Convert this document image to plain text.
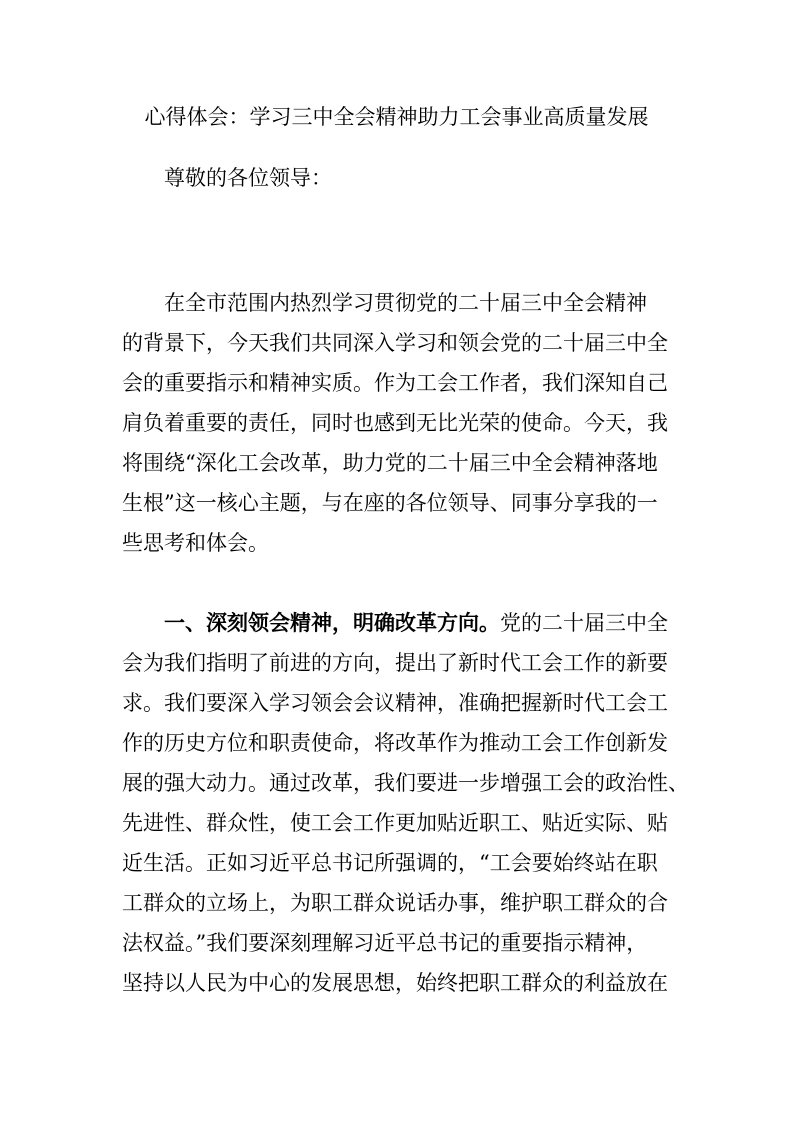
心得体会：学习三中全会精神助力工会事业高质量发展
尊敬的各位领导：
在全市范围内热烈学习贯彻党的二十届三中全会精神
的背景下，今天我们共同深入学习和领会党的二十届三中全
会的重要指示和精神实质。作为工会工作者，我们深知自己
肩负着重要的责任，同时也感到无比光荣的使命。今天，我
将围绕“深化工会改革，助力党的二十届三中全会精神落地
生根”这一核心主题，与在座的各位领导、同事分享我的一
些思考和体会。
一、深刻领会精神，明确改革方向。党的二十届三中全
会为我们指明了前进的方向，提出了新时代工会工作的新要
求。我们要深入学习领会会议精神，准确把握新时代工会工
作的历史方位和职责使命，将改革作为推动工会工作创新发
展的强大动力。通过改革，我们要进一步增强工会的政治性、
先进性、群众性，使工会工作更加贴近职工、贴近实际、贴
近生活。正如习近平总书记所强调的，“工会要始终站在职
工群众的立场上，为职工群众说话办事，维护职工群众的合
法权益。”我们要深刻理解习近平总书记的重要指示精神，
坚持以人民为中心的发展思想，始终把职工群众的利益放在
